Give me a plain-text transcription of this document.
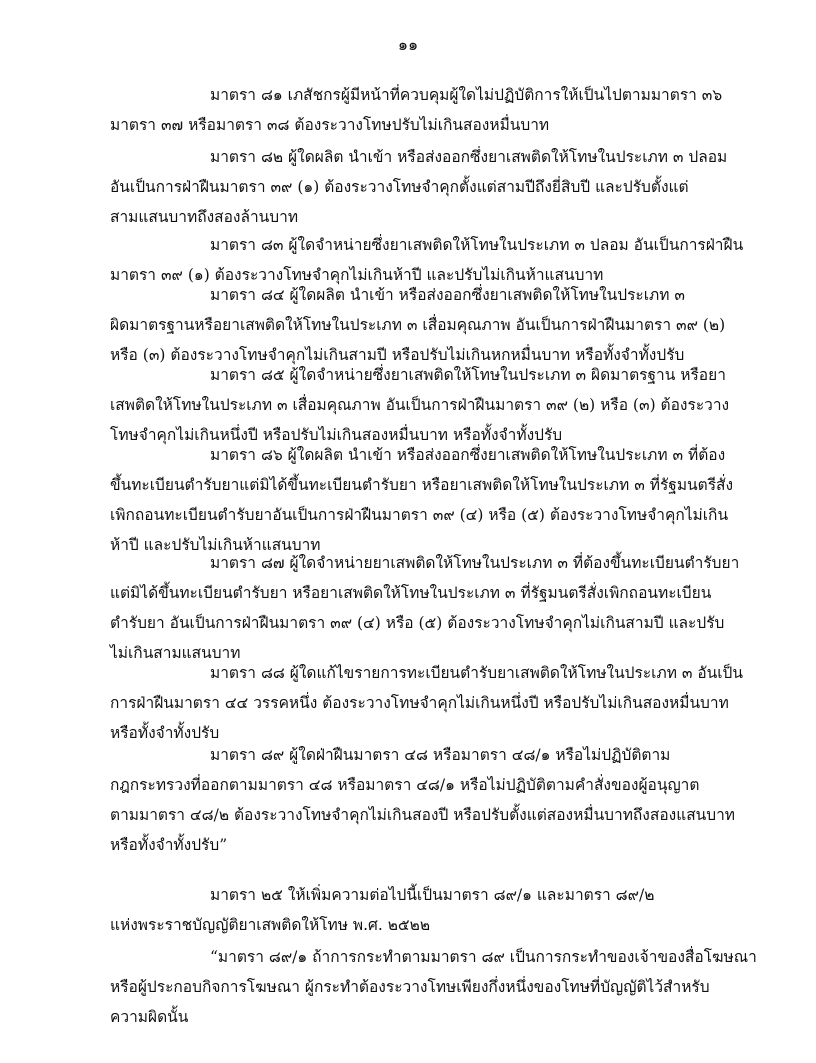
๑๑
มาตรา ๘๑ เภสัชกรผู้มีหน้าที่ควบคุมผู้ใดไม่ปฏิบัติการให้เป็นไปตามมาตรา ๓๖
มาตรา ๓๗ หรือมาตรา ๓๘ ต้องระวางโทษปรับไม่เกินสองหมื่นบาท
มาตรา ๘๒ ผู้ใดผลิต นำเข้า หรือส่งออกซึ่งยาเสพติดให้โทษในประเภท ๓ ปลอม
อันเป็นการฝ่าฝืนมาตรา ๓๙ (๑) ต้องระวางโทษจำคุกตั้งแต่สามปีถึงยี่สิบปี และปรับตั้งแต่
สามแสนบาทถึงสองล้านบาท
มาตรา ๘๓ ผู้ใดจำหน่ายซึ่งยาเสพติดให้โทษในประเภท ๓ ปลอม อันเป็นการฝ่าฝืน
มาตรา ๓๙ (๑) ต้องระวางโทษจำคุกไม่เกินห้าปี และปรับไม่เกินห้าแสนบาท
มาตรา ๘๔ ผู้ใดผลิต นำเข้า หรือส่งออกซึ่งยาเสพติดให้โทษในประเภท ๓
ผิดมาตรฐานหรือยาเสพติดให้โทษในประเภท ๓ เสื่อมคุณภาพ อันเป็นการฝ่าฝืนมาตรา ๓๙ (๒)
หรือ (๓) ต้องระวางโทษจำคุกไม่เกินสามปี หรือปรับไม่เกินหกหมื่นบาท หรือทั้งจำทั้งปรับ
มาตรา ๘๕ ผู้ใดจำหน่ายซึ่งยาเสพติดให้โทษในประเภท ๓ ผิดมาตรฐาน หรือยา
เสพติดให้โทษในประเภท ๓ เสื่อมคุณภาพ อันเป็นการฝ่าฝืนมาตรา ๓๙ (๒) หรือ (๓) ต้องระวาง
โทษจำคุกไม่เกินหนึ่งปี หรือปรับไม่เกินสองหมื่นบาท หรือทั้งจำทั้งปรับ
มาตรา ๘๖ ผู้ใดผลิต นำเข้า หรือส่งออกซึ่งยาเสพติดให้โทษในประเภท ๓ ที่ต้อง
ขึ้นทะเบียนตำรับยาแต่มิได้ขึ้นทะเบียนตำรับยา หรือยาเสพติดให้โทษในประเภท ๓ ที่รัฐมนตรีสั่ง
เพิกถอนทะเบียนตำรับยาอันเป็นการฝ่าฝืนมาตรา ๓๙ (๔) หรือ (๕) ต้องระวางโทษจำคุกไม่เกิน
ห้าปี และปรับไม่เกินห้าแสนบาท
มาตรา ๘๗ ผู้ใดจำหน่ายยาเสพติดให้โทษในประเภท ๓ ที่ต้องขึ้นทะเบียนตำรับยา
แต่มิได้ขึ้นทะเบียนตำรับยา หรือยาเสพติดให้โทษในประเภท ๓ ที่รัฐมนตรีสั่งเพิกถอนทะเบียน
ตำรับยา อันเป็นการฝ่าฝืนมาตรา ๓๙ (๔) หรือ (๕) ต้องระวางโทษจำคุกไม่เกินสามปี และปรับ
ไม่เกินสามแสนบาท
มาตรา ๘๘ ผู้ใดแก้ไขรายการทะเบียนตำรับยาเสพติดให้โทษในประเภท ๓ อันเป็น
การฝ่าฝืนมาตรา ๔๔ วรรคหนึ่ง ต้องระวางโทษจำคุกไม่เกินหนึ่งปี หรือปรับไม่เกินสองหมื่นบาท
หรือทั้งจำทั้งปรับ
มาตรา ๘๙ ผู้ใดฝ่าฝืนมาตรา ๔๘ หรือมาตรา ๔๘/๑ หรือไม่ปฏิบัติตาม
กฎกระทรวงที่ออกตามมาตรา ๔๘ หรือมาตรา ๔๘/๑ หรือไม่ปฏิบัติตามคำสั่งของผู้อนุญาต
ตามมาตรา ๔๘/๒ ต้องระวางโทษจำคุกไม่เกินสองปี หรือปรับตั้งแต่สองหมื่นบาทถึงสองแสนบาท
หรือทั้งจำทั้งปรับ”
มาตรา ๒๕ ให้เพิ่มความต่อไปนี้เป็นมาตรา ๘๙/๑ และมาตรา ๘๙/๒
แห่งพระราชบัญญัติยาเสพติดให้โทษ พ.ศ. ๒๕๒๒
“มาตรา ๘๙/๑ ถ้าการกระทำตามมาตรา ๘๙ เป็นการกระทำของเจ้าของสื่อโฆษณา
หรือผู้ประกอบกิจการโฆษณา ผู้กระทำต้องระวางโทษเพียงกึ่งหนึ่งของโทษที่บัญญัติไว้สำหรับ
ความผิดนั้น
